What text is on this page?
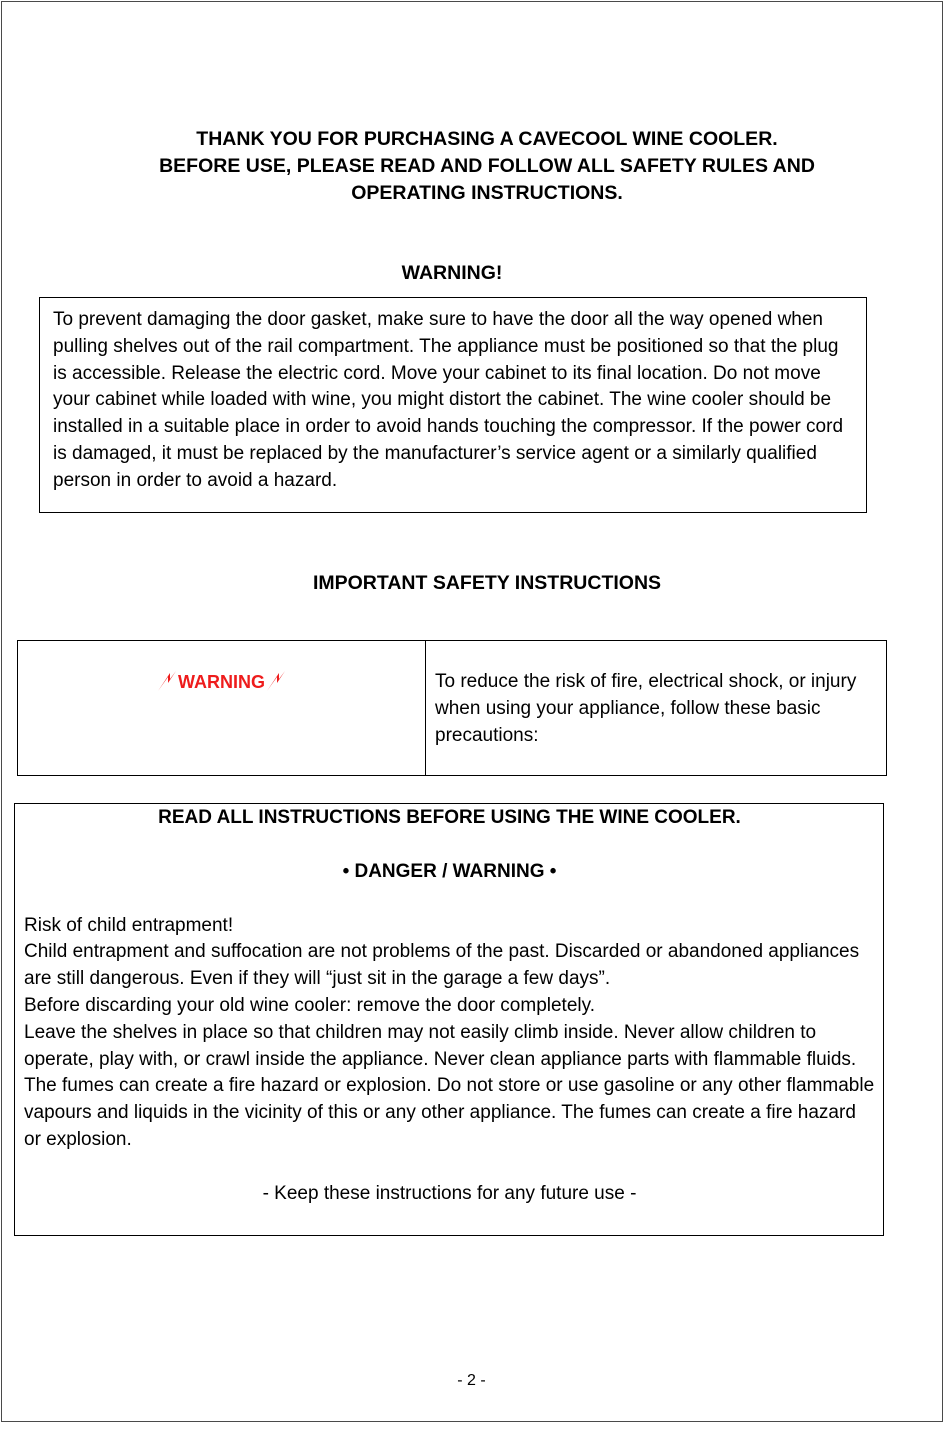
THANK YOU FOR PURCHASING A CAVECOOL WINE COOLER.
BEFORE USE, PLEASE READ AND FOLLOW ALL SAFETY RULES AND
OPERATING INSTRUCTIONS.
WARNING!
To prevent damaging the door gasket, make sure to have the door all the way opened when pulling shelves out of the rail compartment. The appliance must be positioned so that the plug is accessible. Release the electric cord. Move your cabinet to its final location. Do not move your cabinet while loaded with wine, you might distort the cabinet. The wine cooler should be installed in a suitable place in order to avoid hands touching the compressor. If the power cord is damaged, it must be replaced by the manufacturer’s service agent or a similarly qualified person in order to avoid a hazard.
IMPORTANT SAFETY INSTRUCTIONS
WARNING	To reduce the risk of fire, electrical shock, or injury when using your appliance, follow these basic precautions:
READ ALL INSTRUCTIONS BEFORE USING THE WINE COOLER.
• DANGER / WARNING •

Risk of child entrapment!

Child entrapment and suffocation are not problems of the past. Discarded or abandoned appliances are still dangerous. Even if they will “just sit in the garage a few days”.

Before discarding your old wine cooler: remove the door completely.

Leave the shelves in place so that children may not easily climb inside. Never allow children to operate, play with, or crawl inside the appliance. Never clean appliance parts with flammable fluids. The fumes can create a fire hazard or explosion. Do not store or use gasoline or any other flammable vapours and liquids in the vicinity of this or any other appliance. The fumes can create a fire hazard or explosion.

- Keep these instructions for any future use -
- 2 -
